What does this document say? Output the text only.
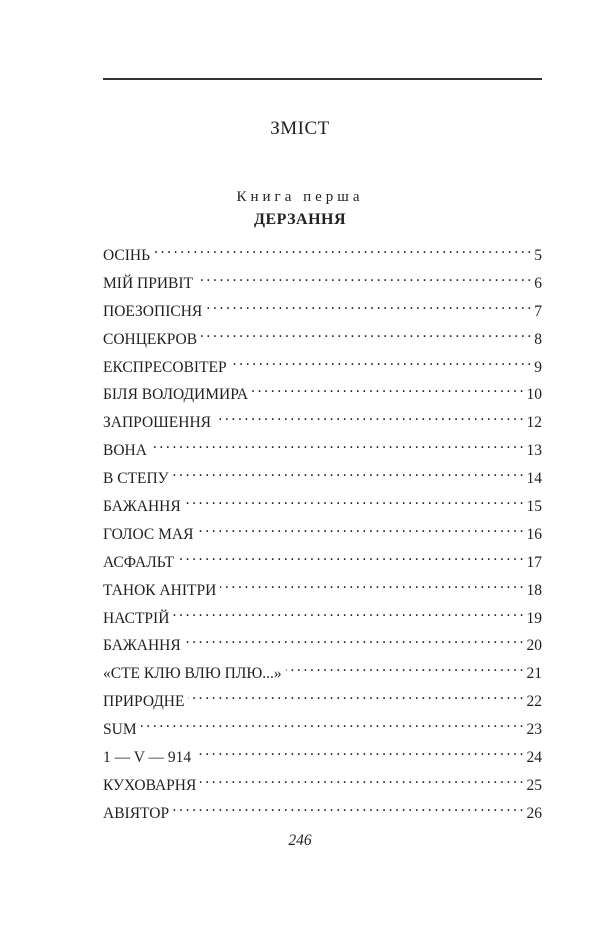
ЗМІСТ
Книга перша
ДЕРЗАННЯ
ОСІНЬ . . .	5
МІЙ ПРИВІТ . . .	6
ПОЕЗОПІСНЯ . . .	7
СОНЦЕКРОВ . . .	8
ЕКСПРЕСОВІТЕР . . .	9
БІЛЯ ВОЛОДИМИРА . . .	10
ЗАПРОШЕННЯ . . .	12
ВОНА . . .	13
В СТЕПУ . . .	14
БАЖАННЯ . . .	15
ГОЛОС МАЯ . . .	16
АСФАЛЬТ . . .	17
ТАНОК АНІТРИ . . .	18
НАСТРІЙ . . .	19
БАЖАННЯ . . .	20
«СТЕ КЛЮ ВЛЮ ПЛЮ...» . . .	21
ПРИРОДНЕ . . .	22
SUM . . .	23
1 — V — 914 . . .	24
КУХОВАРНЯ . . .	25
АВІЯТОР . . .	26
246
